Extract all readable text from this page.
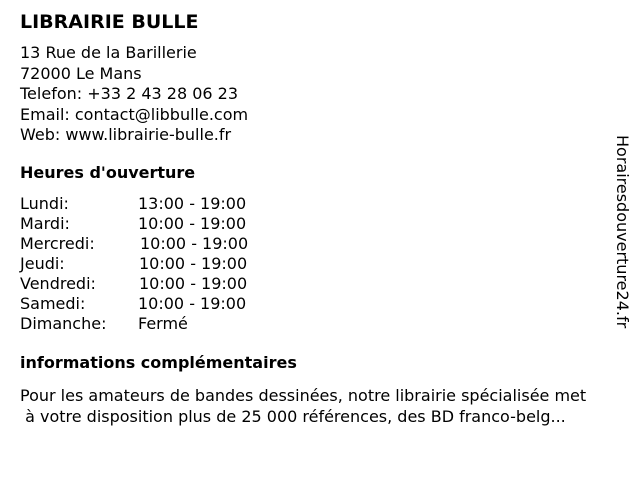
LIBRAIRIE BULLE
13 Rue de la Barillerie
72000 Le Mans
Telefon: +33 2 43 28 06 23
Email: contact@libbulle.com
Web: www.librairie-bulle.fr
Heures d'ouverture
Lundi:	13:00 - 19:00
Mardi:	10:00 - 19:00
Mercredi:	10:00 - 19:00
Jeudi:	10:00 - 19:00
Vendredi:	10:00 - 19:00
Samedi:	10:00 - 19:00
Dimanche: Fermé
informations complémentaires
Pour les amateurs de bandes dessinées, notre librairie spécialisée met
à votre disposition plus de 25 000 références, des BD franco-belg...
Horairesdouverture24.fr
